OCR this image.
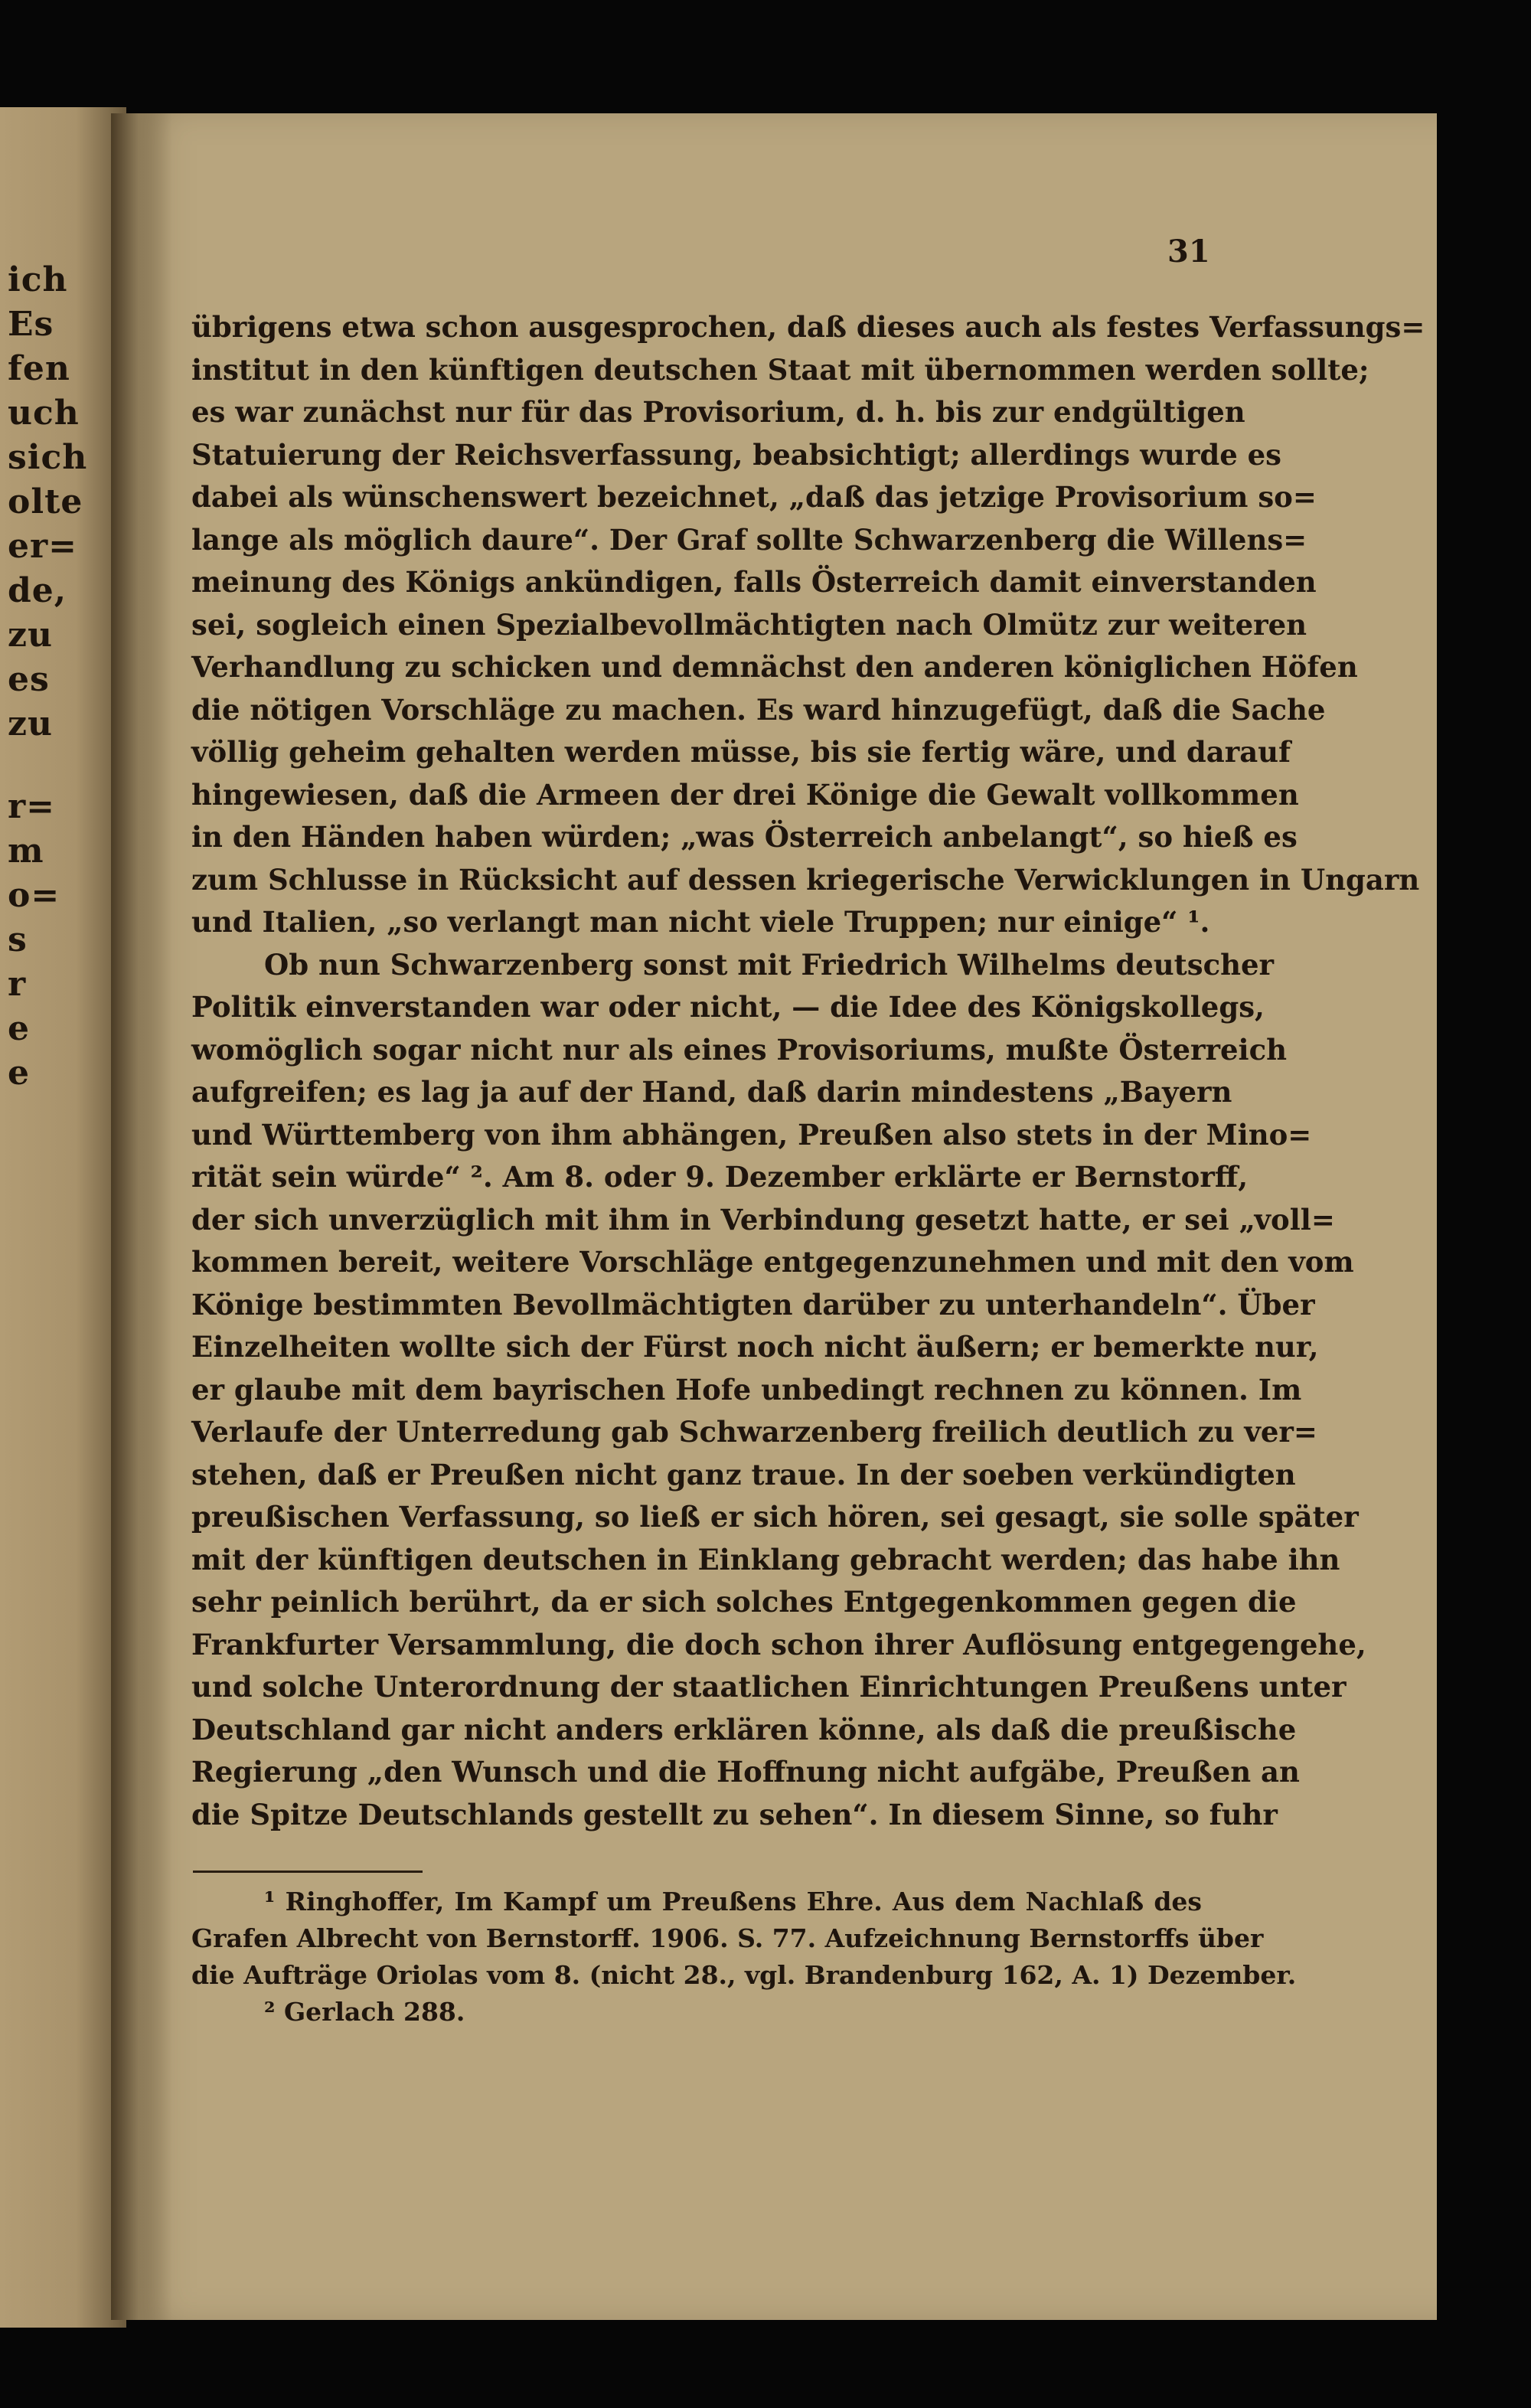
ich
Es
fen
uch
sich
olte
er=
de,
zu
es
zu
r=
m
o=
s
r
e
e
31
übrigens etwa schon ausgesprochen, daß dieses auch als festes Verfassungs=
institut in den künftigen deutschen Staat mit übernommen werden sollte;
es war zunächst nur für das Provisorium, d. h. bis zur endgültigen
Statuierung der Reichsverfassung, beabsichtigt; allerdings wurde es
dabei als wünschenswert bezeichnet, „daß das jetzige Provisorium so=
lange als möglich daure“. Der Graf sollte Schwarzenberg die Willens=
meinung des Königs ankündigen, falls Österreich damit einverstanden
sei, sogleich einen Spezialbevollmächtigten nach Olmütz zur weiteren
Verhandlung zu schicken und demnächst den anderen königlichen Höfen
die nötigen Vorschläge zu machen. Es ward hinzugefügt, daß die Sache
völlig geheim gehalten werden müsse, bis sie fertig wäre, und darauf
hingewiesen, daß die Armeen der drei Könige die Gewalt vollkommen
in den Händen haben würden; „was Österreich anbelangt“, so hieß es
zum Schlusse in Rücksicht auf dessen kriegerische Verwicklungen in Ungarn
und Italien, „so verlangt man nicht viele Truppen; nur einige“ ¹.
Ob nun Schwarzenberg sonst mit Friedrich Wilhelms deutscher
Politik einverstanden war oder nicht, — die Idee des Königskollegs,
womöglich sogar nicht nur als eines Provisoriums, mußte Österreich
aufgreifen; es lag ja auf der Hand, daß darin mindestens „Bayern
und Württemberg von ihm abhängen, Preußen also stets in der Mino=
rität sein würde“ ². Am 8. oder 9. Dezember erklärte er Bernstorff,
der sich unverzüglich mit ihm in Verbindung gesetzt hatte, er sei „voll=
kommen bereit, weitere Vorschläge entgegenzunehmen und mit den vom
Könige bestimmten Bevollmächtigten darüber zu unterhandeln“. Über
Einzelheiten wollte sich der Fürst noch nicht äußern; er bemerkte nur,
er glaube mit dem bayrischen Hofe unbedingt rechnen zu können. Im
Verlaufe der Unterredung gab Schwarzenberg freilich deutlich zu ver=
stehen, daß er Preußen nicht ganz traue. In der soeben verkündigten
preußischen Verfassung, so ließ er sich hören, sei gesagt, sie solle später
mit der künftigen deutschen in Einklang gebracht werden; das habe ihn
sehr peinlich berührt, da er sich solches Entgegenkommen gegen die
Frankfurter Versammlung, die doch schon ihrer Auflösung entgegengehe,
und solche Unterordnung der staatlichen Einrichtungen Preußens unter
Deutschland gar nicht anders erklären könne, als daß die preußische
Regierung „den Wunsch und die Hoffnung nicht aufgäbe, Preußen an
die Spitze Deutschlands gestellt zu sehen“. In diesem Sinne, so fuhr
¹ Ringhoffer, Im Kampf um Preußens Ehre. Aus dem Nachlaß des
Grafen Albrecht von Bernstorff. 1906. S. 77. Aufzeichnung Bernstorffs über
die Aufträge Oriolas vom 8. (nicht 28., vgl. Brandenburg 162, A. 1) Dezember.
² Gerlach 288.
